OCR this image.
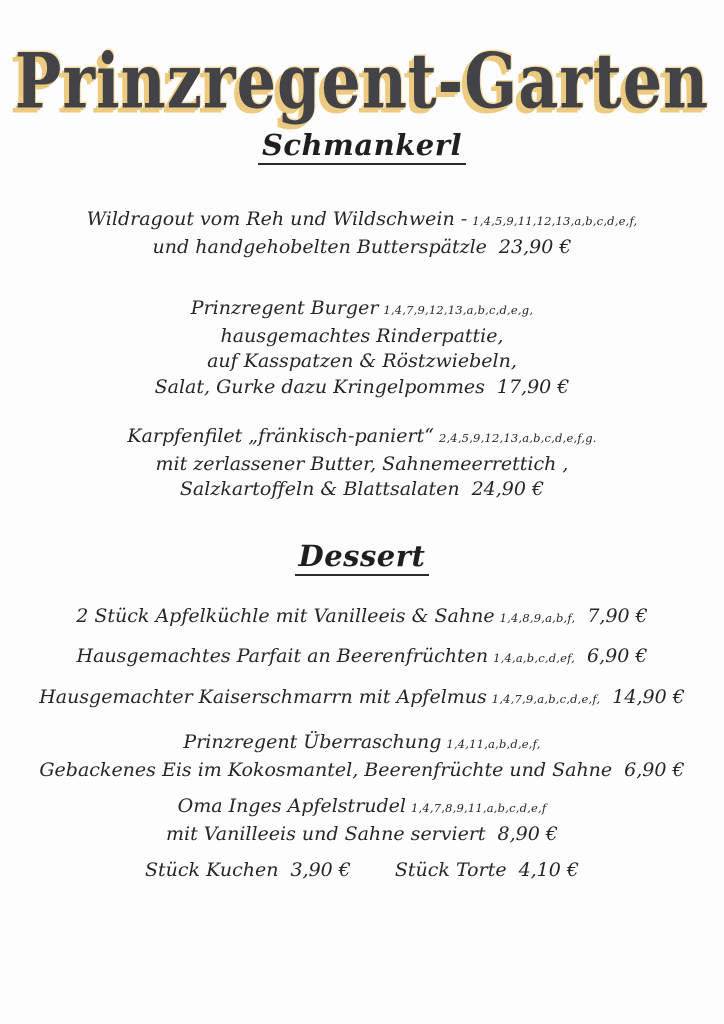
Prinzregent-Garten
Schmankerl
Wildragout vom Reh und Wildschwein - 1,4,5,9,11,12,13,a,b,c,d,e,f,
und handgehobelten Butterspätzle 23,90 €
Prinzregent Burger 1,4,7,9,12,13,a,b,c,d,e,g,
hausgemachtes Rinderpattie,
auf Kasspatzen & Röstzwiebeln,
Salat, Gurke dazu Kringelpommes 17,90 €
Karpfenfilet „fränkisch-paniert“ 2,4,5,9,12,13,a,b,c,d,e,f,g.
mit zerlassener Butter, Sahnemeerrettich ,
Salzkartoffeln & Blattsalaten 24,90 €
Dessert
2 Stück Apfelküchle mit Vanilleeis & Sahne 1,4,8,9,a,b,f, 7,90 €
Hausgemachtes Parfait an Beerenfrüchten 1,4,a,b,c,d,ef, 6,90 €
Hausgemachter Kaiserschmarrn mit Apfelmus 1,4,7,9,a,b,c,d,e,f, 14,90 €
Prinzregent Überraschung 1,4,11,a,b,d,e,f,
Gebackenes Eis im Kokosmantel, Beerenfrüchte und Sahne 6,90 €
Oma Inges Apfelstrudel 1,4,7,8,9,11,a,b,c,d,e,f
mit Vanilleeis und Sahne serviert 8,90 €
Stück Kuchen 3,90 € Stück Torte 4,10 €
